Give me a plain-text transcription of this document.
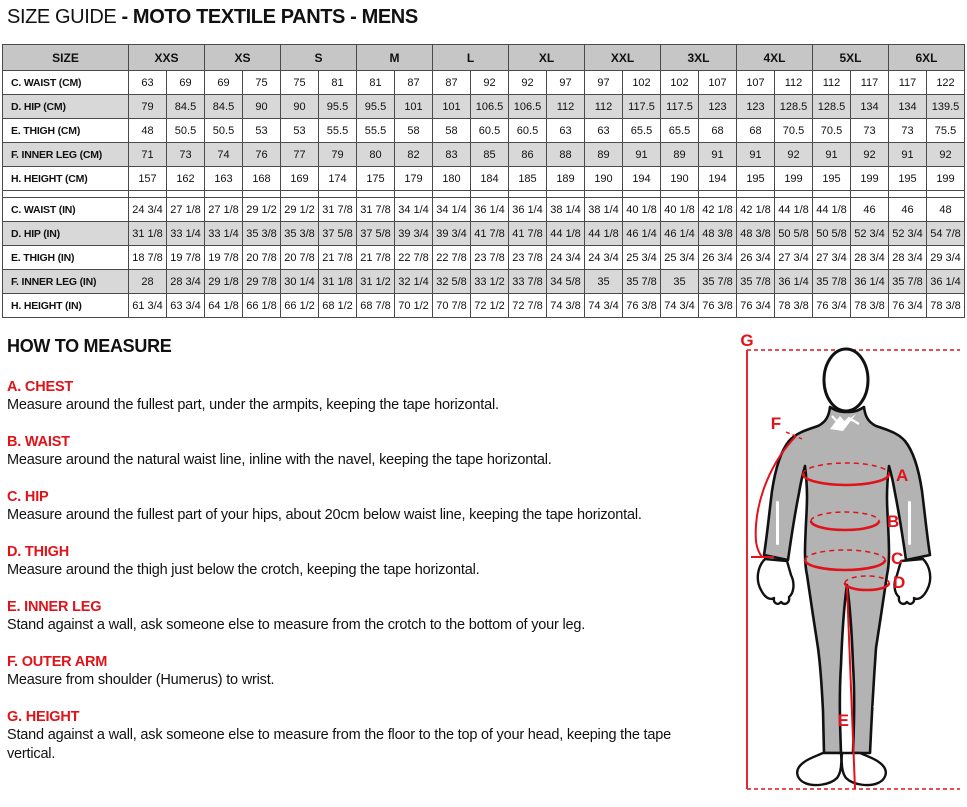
SIZE GUIDE - MOTO TEXTILE PANTS - MENS
SIZE	XXS		XS		S		M		L		XL		XXL		3XL		4XL		5XL		6XL	
C. WAIST (CM)	63	69	69	75	75	81	81	87	87	92	92	97	97	102	102	107	107	112	112	117	117	122
D. HIP (CM)	79	84.5	84.5	90	90	95.5	95.5	101	101	106.5	106.5	112	112	117.5	117.5	123	123	128.5	128.5	134	134	139.5
E. THIGH (CM)	48	50.5	50.5	53	53	55.5	55.5	58	58	60.5	60.5	63	63	65.5	65.5	68	68	70.5	70.5	73	73	75.5
F. INNER LEG (CM)	71	73	74	76	77	79	80	82	83	85	86	88	89	91	89	91	91	92	91	92	91	92
H. HEIGHT (CM)	157	162	163	168	169	174	175	179	180	184	185	189	190	194	190	194	195	199	195	199	195	199

C. WAIST (IN)	24 3/4	27 1/8	27 1/8	29 1/2	29 1/2	31 7/8	31 7/8	34 1/4	34 1/4	36 1/4	36 1/4	38 1/4	38 1/4	40 1/8	40 1/8	42 1/8	42 1/8	44 1/8	44 1/8	46	46	48
D. HIP (IN)	31 1/8	33 1/4	33 1/4	35 3/8	35 3/8	37 5/8	37 5/8	39 3/4	39 3/4	41 7/8	41 7/8	44 1/8	44 1/8	46 1/4	46 1/4	48 3/8	48 3/8	50 5/8	50 5/8	52 3/4	52 3/4	54 7/8
E. THIGH (IN)	18 7/8	19 7/8	19 7/8	20 7/8	20 7/8	21 7/8	21 7/8	22 7/8	22 7/8	23 7/8	23 7/8	24 3/4	24 3/4	25 3/4	25 3/4	26 3/4	26 3/4	27 3/4	27 3/4	28 3/4	28 3/4	29 3/4
F. INNER LEG (IN)	28	28 3/4	29 1/8	29 7/8	30 1/4	31 1/8	31 1/2	32 1/4	32 5/8	33 1/2	33 7/8	34 5/8	35	35 7/8	35	35 7/8	35 7/8	36 1/4	35 7/8	36 1/4	35 7/8	36 1/4
H. HEIGHT (IN)	61 3/4	63 3/4	64 1/8	66 1/8	66 1/2	68 1/2	68 7/8	70 1/2	70 7/8	72 1/2	72 7/8	74 3/8	74 3/4	76 3/8	74 3/4	76 3/8	76 3/4	78 3/8	76 3/4	78 3/8	76 3/4	78 3/8
HOW TO MEASURE
A. CHEST

Measure around the fullest part, under the armpits, keeping the tape horizontal.

B. WAIST

Measure around the natural waist line, inline with the navel, keeping the tape horizontal.

C. HIP

Measure around the fullest part of your hips, about 20cm below waist line, keeping the tape horizontal.

D. THIGH

Measure around the thigh just below the crotch, keeping the tape horizontal.

E. INNER LEG

Stand against a wall, ask someone else to measure from the crotch to the bottom of your leg.

F. OUTER ARM

Measure from shoulder (Humerus) to wrist.

G. HEIGHT

Stand against a wall, ask someone else to measure from the floor to the top of your head, keeping the tape vertical.

G
F
A
B
C
D
E
